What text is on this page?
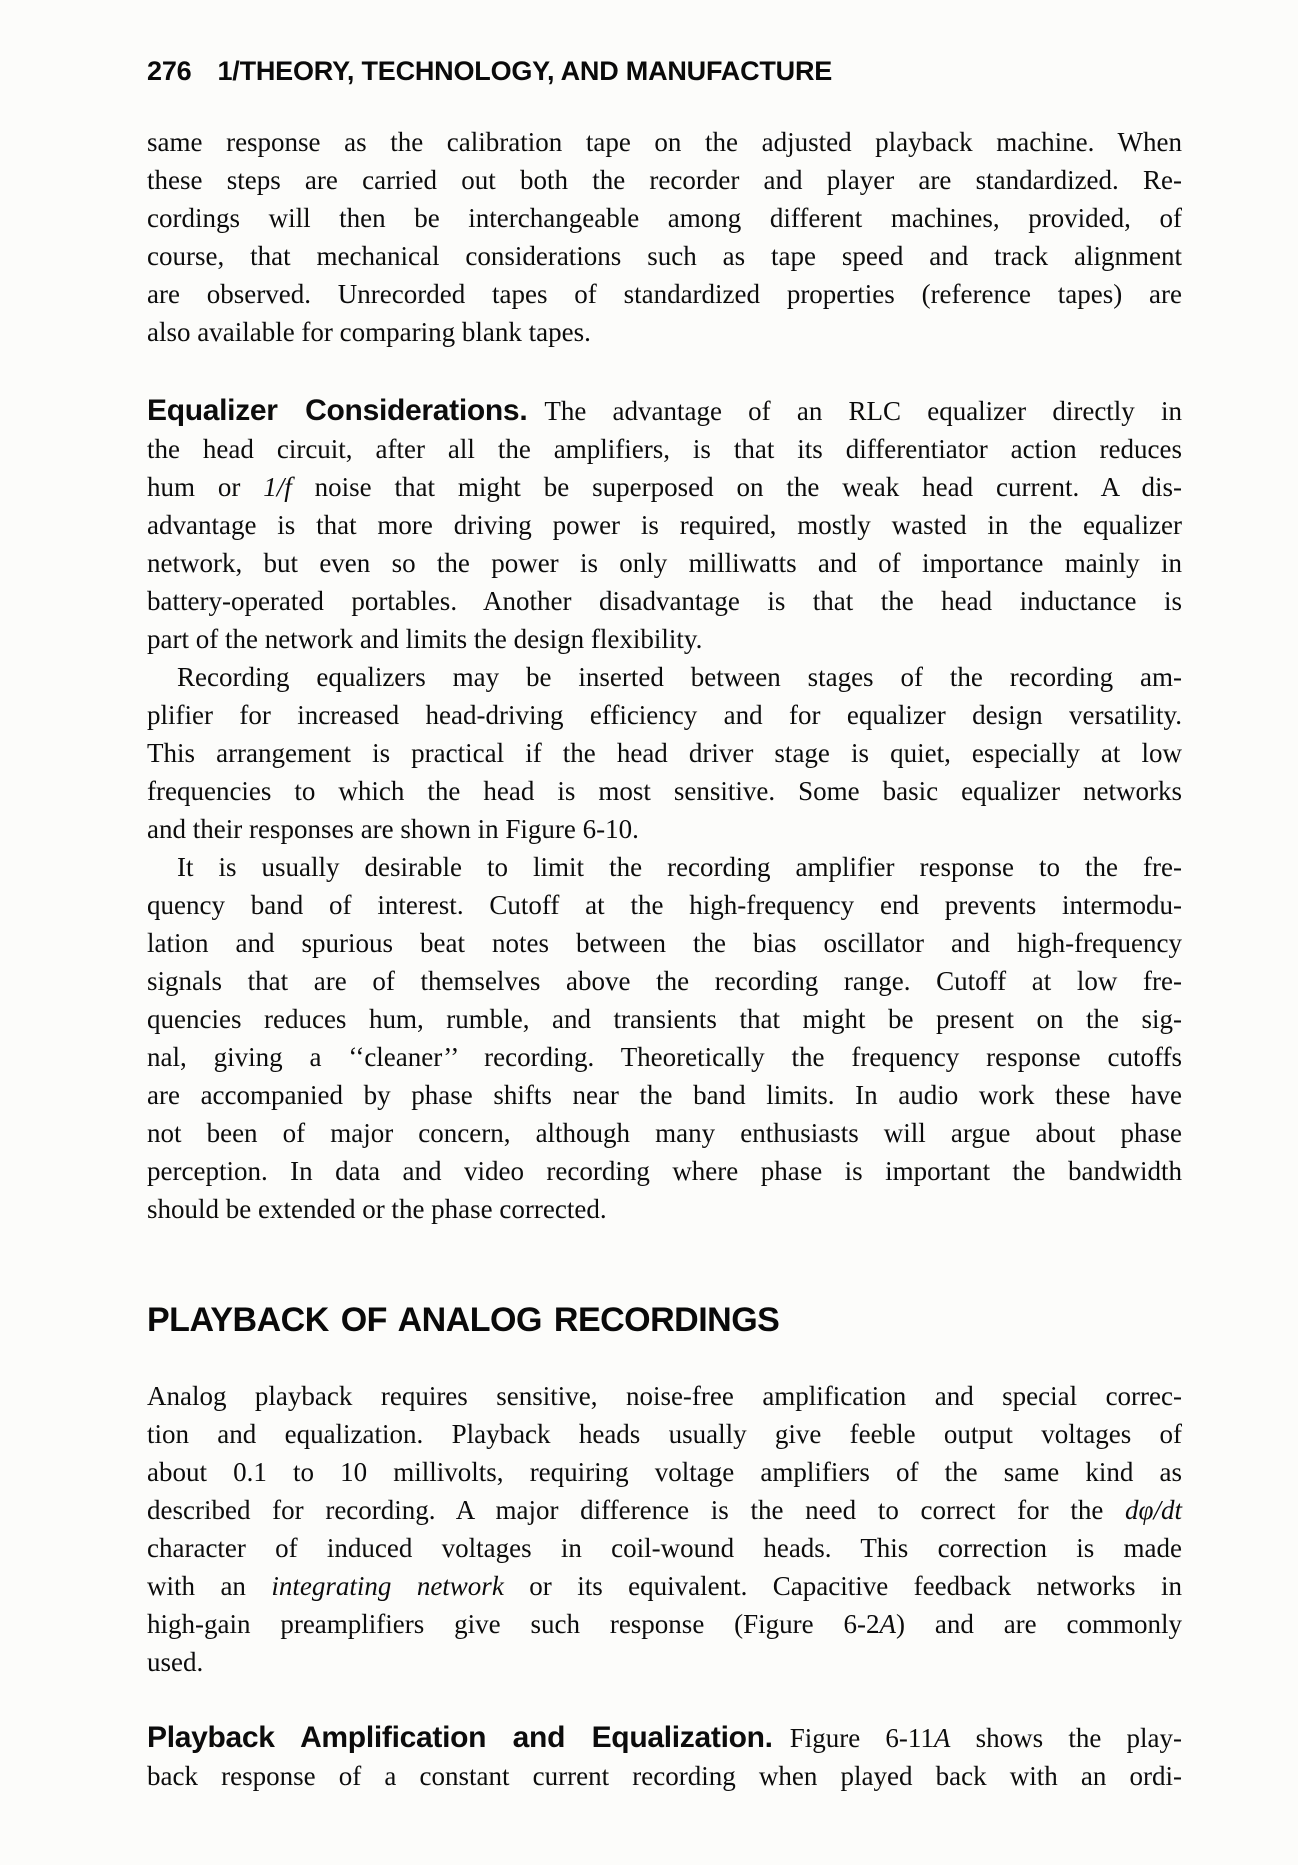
276 1/THEORY, TECHNOLOGY, AND MANUFACTURE
same response as the calibration tape on the adjusted playback machine. When
these steps are carried out both the recorder and player are standardized. Re-
cordings will then be interchangeable among different machines, provided, of
course, that mechanical considerations such as tape speed and track alignment
are observed. Unrecorded tapes of standardized properties (reference tapes) are
also available for comparing blank tapes.
Equalizer Considerations. The advantage of an RLC equalizer directly in
the head circuit, after all the amplifiers, is that its differentiator action reduces
hum or 1/f noise that might be superposed on the weak head current. A dis-
advantage is that more driving power is required, mostly wasted in the equalizer
network, but even so the power is only milliwatts and of importance mainly in
battery-operated portables. Another disadvantage is that the head inductance is
part of the network and limits the design flexibility.
Recording equalizers may be inserted between stages of the recording am-
plifier for increased head-driving efficiency and for equalizer design versatility.
This arrangement is practical if the head driver stage is quiet, especially at low
frequencies to which the head is most sensitive. Some basic equalizer networks
and their responses are shown in Figure 6-10.
It is usually desirable to limit the recording amplifier response to the fre-
quency band of interest. Cutoff at the high-frequency end prevents intermodu-
lation and spurious beat notes between the bias oscillator and high-frequency
signals that are of themselves above the recording range. Cutoff at low fre-
quencies reduces hum, rumble, and transients that might be present on the sig-
nal, giving a ‘‘cleaner’’ recording. Theoretically the frequency response cutoffs
are accompanied by phase shifts near the band limits. In audio work these have
not been of major concern, although many enthusiasts will argue about phase
perception. In data and video recording where phase is important the bandwidth
should be extended or the phase corrected.
PLAYBACK OF ANALOG RECORDINGS
Analog playback requires sensitive, noise-free amplification and special correc-
tion and equalization. Playback heads usually give feeble output voltages of
about 0.1 to 10 millivolts, requiring voltage amplifiers of the same kind as
described for recording. A major difference is the need to correct for the dφ/dt
character of induced voltages in coil-wound heads. This correction is made
with an integrating network or its equivalent. Capacitive feedback networks in
high-gain preamplifiers give such response (Figure 6-2A) and are commonly
used.
Playback Amplification and Equalization. Figure 6-11A shows the play-
back response of a constant current recording when played back with an ordi-
